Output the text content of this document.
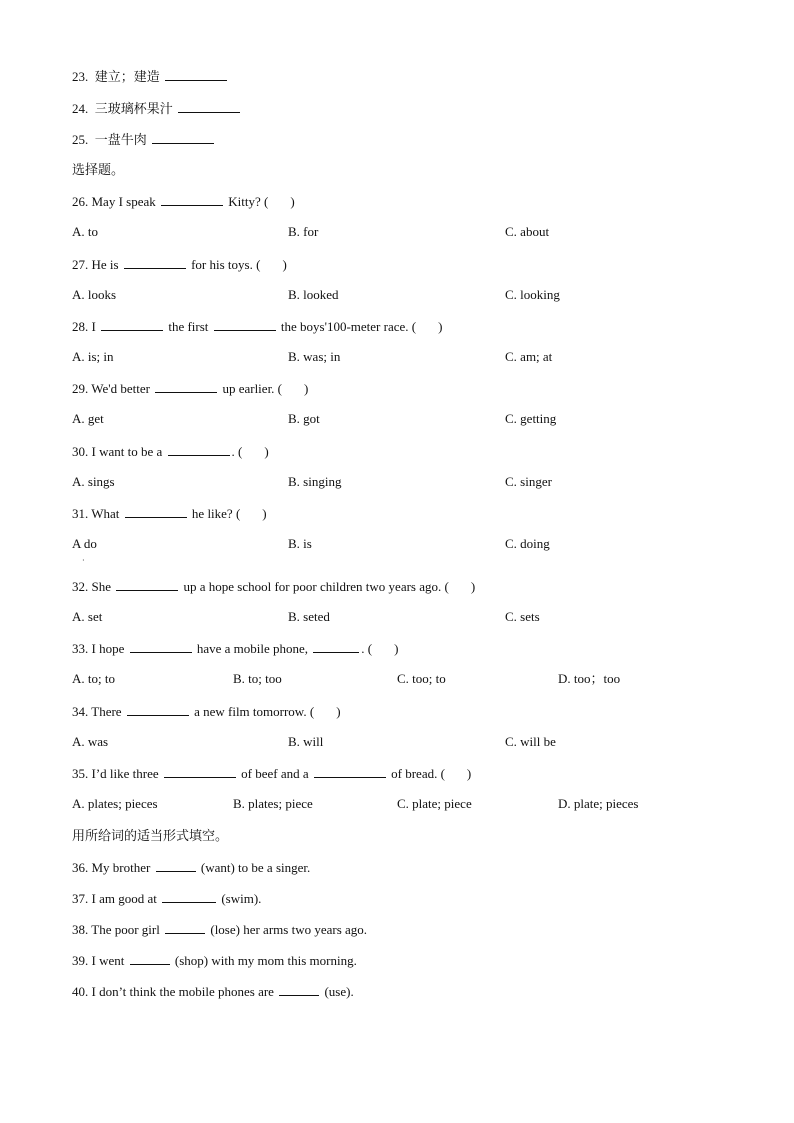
23. 建立；建造
24. 三玻璃杯果汁
25. 一盘牛肉
选择题。
26. May I speak	Kitty? ( )
A. to	B. for	C. about
27. He is	for his toys. ( )
A. looks	B. looked	C. looking
28. I	the first	the boys'100-meter race. ( )
A. is; in	B. was; in	C. am; at
29. We'd better	up earlier. ( )
A. get	B. got	C. getting
30. I want to be a	. ( )
A. sings	B. singing	C. singer
31. What	he like? ( )
A do	B. is	C. doing
·
32. She	up a hope school for poor children two years ago. ( )
A. set	B. seted	C. sets
33. I hope	have a mobile phone,	. ( )
A. to; to	B. to; too	C. too; to	D. too；too
34. There	a new film tomorrow. ( )
A. was	B. will	C. will be
35. I’d like three	of beef and a	of bread. ( )
A. plates; pieces	B. plates; piece	C. plate; piece	D. plate; pieces
用所给词的适当形式填空。
36. My brother	(want) to be a singer.
37. I am good at	(swim).
38. The poor girl	(lose) her arms two years ago.
39. I went	(shop) with my mom this morning.
40. I don’t think the mobile phones are	(use).
